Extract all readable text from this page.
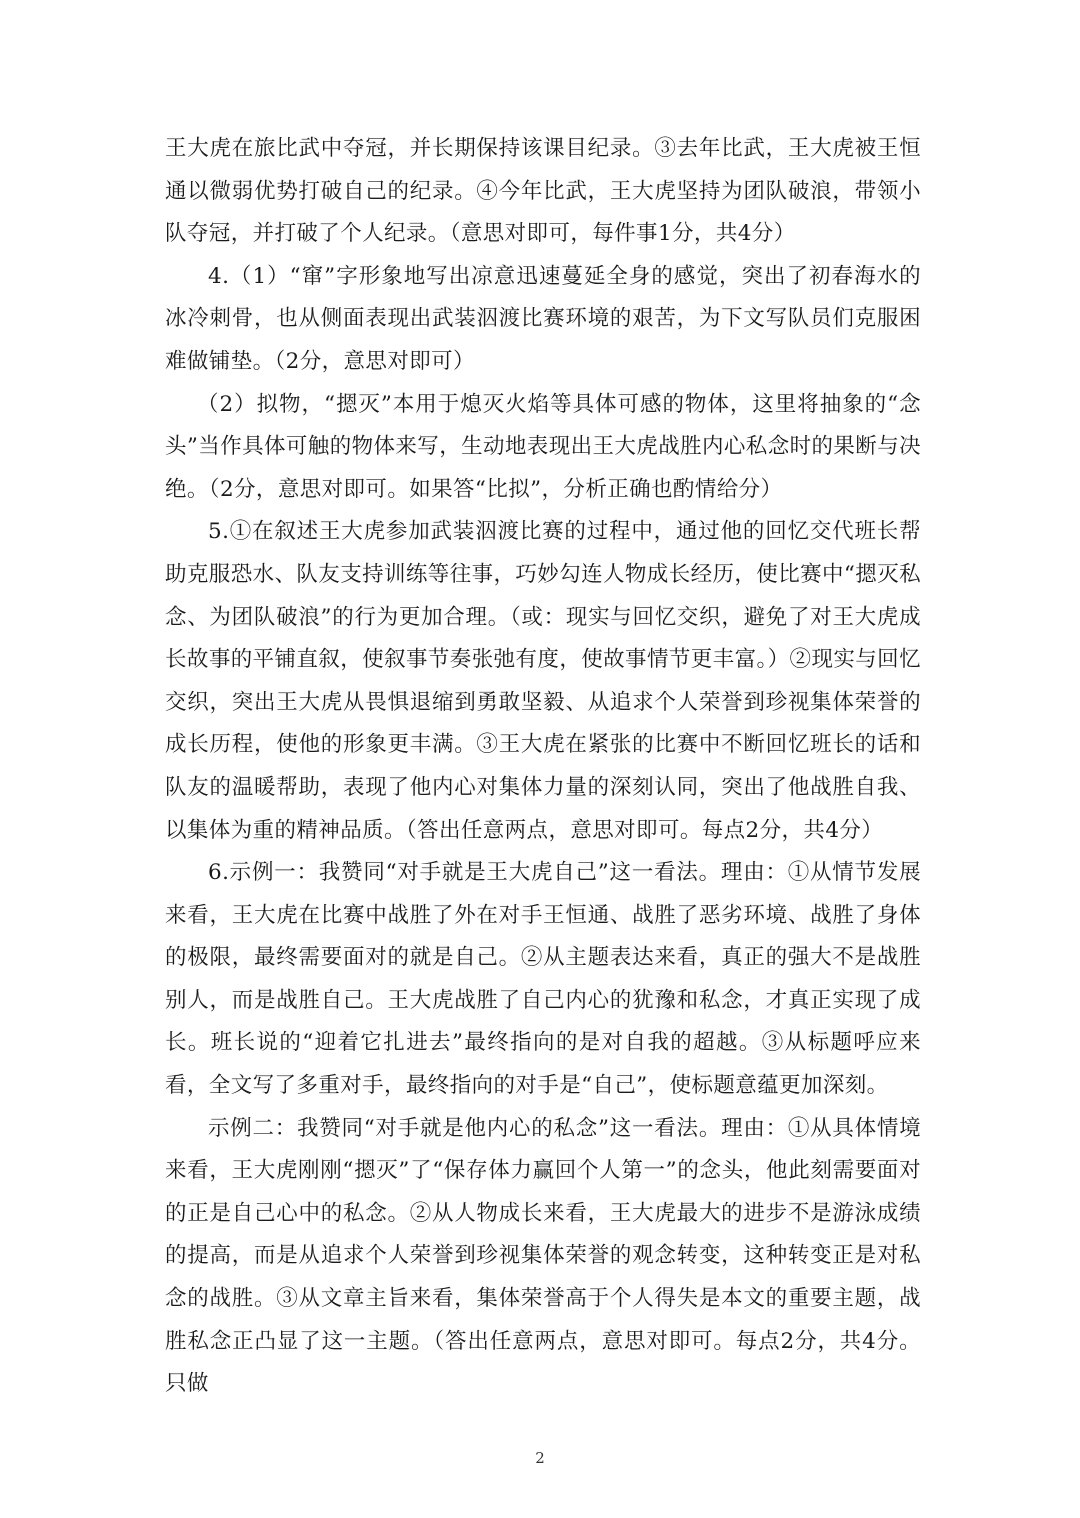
王大虎在旅比武中夺冠，并长期保持该课目纪录。③去年比武，王大虎被王恒通以微弱优势打破自己的纪录。④今年比武，王大虎坚持为团队破浪，带领小队夺冠，并打破了个人纪录。（意思对即可，每件事1分，共4分）

4.（1）“窜”字形象地写出凉意迅速蔓延全身的感觉，突出了初春海水的冰冷刺骨，也从侧面表现出武装泅渡比赛环境的艰苦，为下文写队员们克服困难做铺垫。（2分，意思对即可）

（2）拟物，“摁灭”本用于熄灭火焰等具体可感的物体，这里将抽象的“念头”当作具体可触的物体来写，生动地表现出王大虎战胜内心私念时的果断与决绝。（2分，意思对即可。如果答“比拟”，分析正确也酌情给分）

5.①在叙述王大虎参加武装泅渡比赛的过程中，通过他的回忆交代班长帮助克服恐水、队友支持训练等往事，巧妙勾连人物成长经历，使比赛中“摁灭私念、为团队破浪”的行为更加合理。（或：现实与回忆交织，避免了对王大虎成长故事的平铺直叙，使叙事节奏张弛有度，使故事情节更丰富。）②现实与回忆交织，突出王大虎从畏惧退缩到勇敢坚毅、从追求个人荣誉到珍视集体荣誉的成长历程，使他的形象更丰满。③王大虎在紧张的比赛中不断回忆班长的话和队友的温暖帮助，表现了他内心对集体力量的深刻认同，突出了他战胜自我、以集体为重的精神品质。（答出任意两点，意思对即可。每点2分，共4分）

6.示例一：我赞同“对手就是王大虎自己”这一看法。理由：①从情节发展来看，王大虎在比赛中战胜了外在对手王恒通、战胜了恶劣环境、战胜了身体的极限，最终需要面对的就是自己。②从主题表达来看，真正的强大不是战胜别人，而是战胜自己。王大虎战胜了自己内心的犹豫和私念，才真正实现了成长。班长说的“迎着它扎进去”最终指向的是对自我的超越。③从标题呼应来看，全文写了多重对手，最终指向的对手是“自己”，使标题意蕴更加深刻。

示例二：我赞同“对手就是他内心的私念”这一看法。理由：①从具体情境来看，王大虎刚刚“摁灭”了“保存体力赢回个人第一”的念头，他此刻需要面对的正是自己心中的私念。②从人物成长来看，王大虎最大的进步不是游泳成绩的提高，而是从追求个人荣誉到珍视集体荣誉的观念转变，这种转变正是对私念的战胜。③从文章主旨来看，集体荣誉高于个人得失是本文的重要主题，战胜私念正凸显了这一主题。（答出任意两点，意思对即可。每点2分，共4分。只做

2
